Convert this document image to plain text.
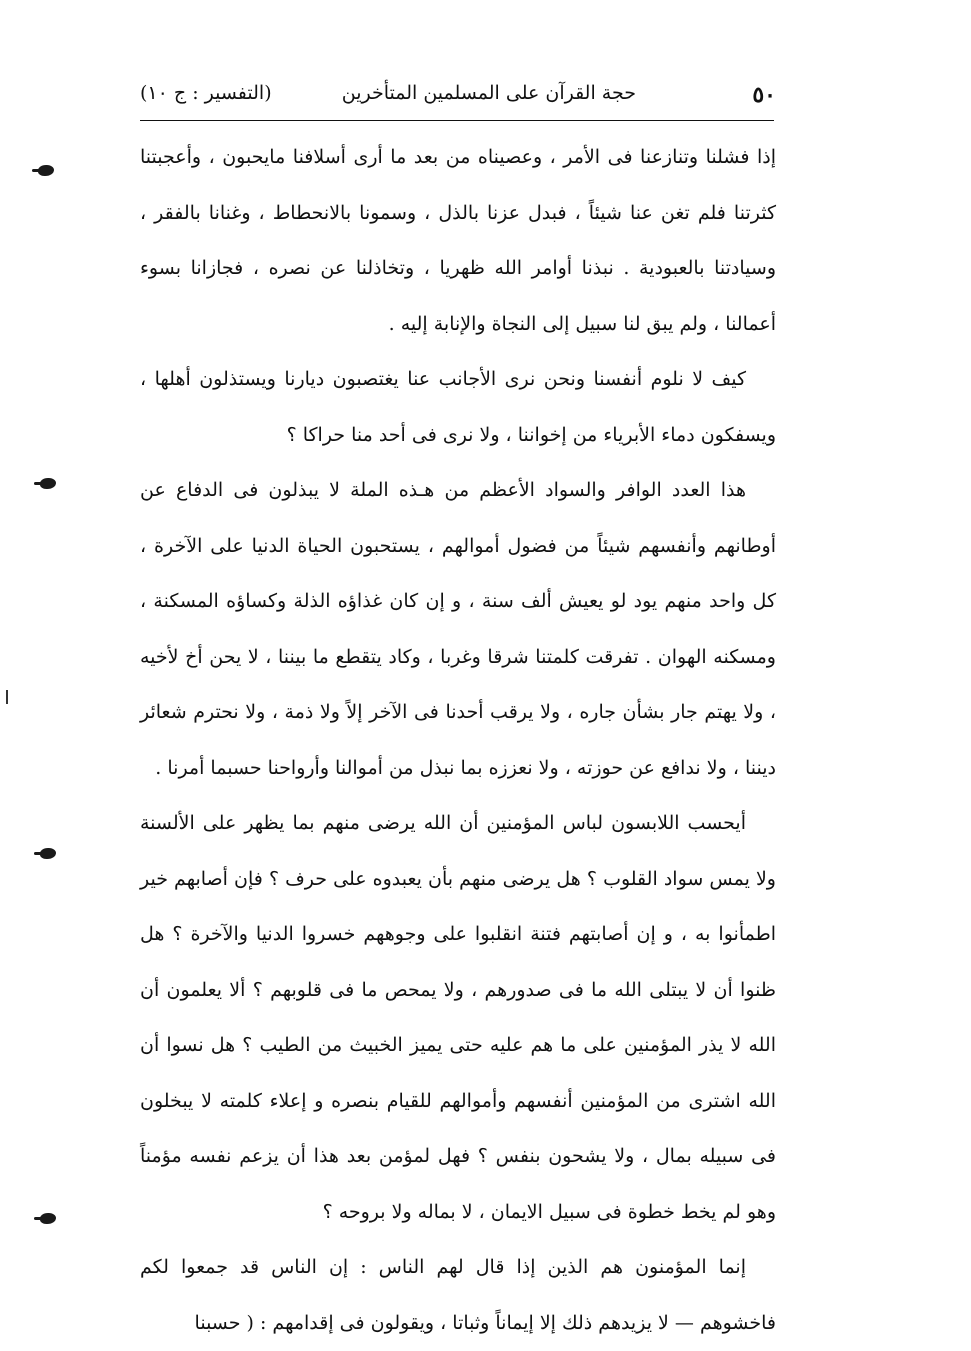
٥٠
حجة القرآن على المسلمين المتأخرين
(التفسير : ج ١٠)

إذا فشلنا وتنازعنا فى الأمر ، وعصيناه من بعد ما أرى أسلافنا مايحبون ، وأعجبتنا كثرتنا فلم تغن عنا شيئاً ، فبدل عزنا بالذل ، وسمونا بالانحطاط ، وغنانا بالفقر ، وسيادتنا بالعبودية . نبذنا أوامر الله ظهريا ، وتخاذلنا عن نصره ، فجازانا بسوء أعمالنا ، ولم يبق لنا سبيل إلى النجاة والإنابة إليه .

كيف لا نلوم أنفسنا ونحن نرى الأجانب عنا يغتصبون ديارنا ويستذلون أهلها ، ويسفكون دماء الأبرياء من إخواننا ، ولا نرى فى أحد منا حراكا ؟

هذا العدد الوافر والسواد الأعظم من هـذه الملة لا يبذلون فى الدفاع عن أوطانهم وأنفسهم شيئاً من فضول أموالهم ، يستحبون الحياة الدنيا على الآخرة ، كل واحد منهم يود لو يعيش ألف سنة ، و إن كان غذاؤه الذلة وكساؤه المسكنة ، ومسكنه الهوان . تفرقت كلمتنا شرقا وغربا ، وكاد يتقطع ما بيننا ، لا يحن أخ لأخيه ، ولا يهتم جار بشأن جاره ، ولا يرقب أحدنا فى الآخر إلاً ولا ذمة ، ولا نحترم شعائر ديننا ، ولا ندافع عن حوزته ، ولا نعززه بما نبذل من أموالنا وأرواحنا حسبما أمرنا .

أيحسب اللابسون لباس المؤمنين أن الله يرضى منهم بما يظهر على الألسنة ولا يمس سواد القلوب ؟ هل يرضى منهم بأن يعبدوه على حرف ؟ فإن أصابهم خير اطمأنوا به ، و إن أصابتهم فتنة انقلبوا على وجوههم خسروا الدنيا والآخرة ؟ هل ظنوا أن لا يبتلى الله ما فى صدورهم ، ولا يمحص ما فى قلوبهم ؟ ألا يعلمون أن الله لا يذر المؤمنين على ما هم عليه حتى يميز الخبيث من الطيب ؟ هل نسوا أن الله اشترى من المؤمنين أنفسهم وأموالهم للقيام بنصره و إعلاء كلمته لا يبخلون فى سبيله بمال ، ولا يشحون بنفس ؟ فهل لمؤمن بعد هذا أن يزعم نفسه مؤمناً وهو لم يخط خطوة فى سبيل الايمان ، لا بماله ولا بروحه ؟

إنما المؤمنون هم الذين إذا قال لهم الناس : إن الناس قد جمعوا لكم فاخشوهم — لا يزيدهم ذلك إلا إيماناً وثباتا ، ويقولون فى إقدامهم : ( حسبنا
